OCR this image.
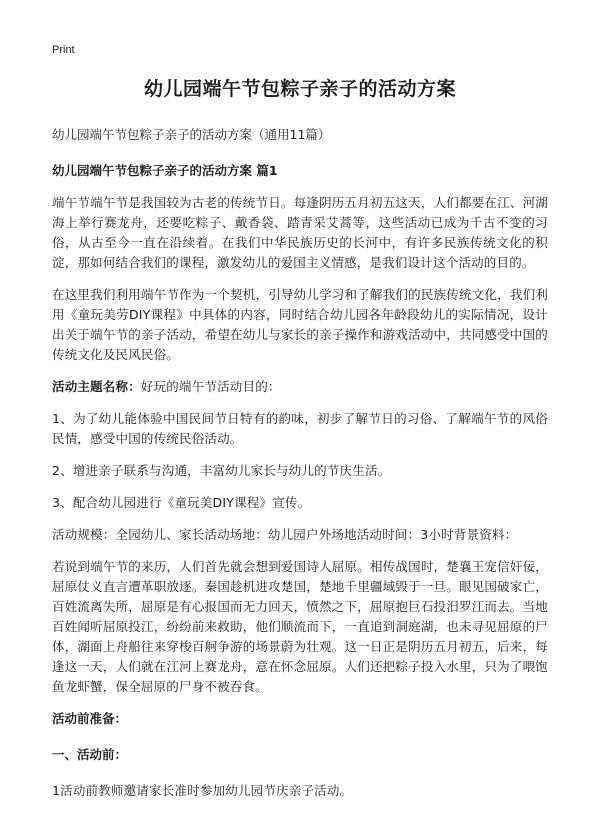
Print
幼儿园端午节包粽子亲子的活动方案

幼儿园端午节包粽子亲子的活动方案（通用11篇）

幼儿园端午节包粽子亲子的活动方案 篇1

端午节端午节是我国较为古老的传统节日。每逢阴历五月初五这天，人们都要在江、河湖海上举行赛龙舟，还要吃粽子、戴香袋、踏青采艾蒿等，这些活动已成为千古不变的习俗，从古至今一直在沿续着。在我们中华民族历史的长河中，有许多民族传统文化的积淀，那如何结合我们的课程，激发幼儿的爱国主义情感，是我们设计这个活动的目的。

在这里我们利用端午节作为一个契机，引导幼儿学习和了解我们的民族传统文化，我们利用《童玩美劳DIY课程》中具体的内容，同时结合幼儿园各年龄段幼儿的实际情况，设计出关于端午节的亲子活动，希望在幼儿与家长的亲子操作和游戏活动中，共同感受中国的传统文化及民风民俗。

活动主题名称：好玩的端午节活动目的：

1、为了幼儿能体验中国民间节日特有的韵味，初步了解节日的习俗、了解端午节的风俗民情，感受中国的传统民俗活动。

2、增进亲子联系与沟通，丰富幼儿家长与幼儿的节庆生活。

3、配合幼儿园进行《童玩美DIY课程》宣传。

活动规模：全园幼儿、家长活动场地：幼儿园户外场地活动时间：3小时背景资料：

若说到端午节的来历，人们首先就会想到爱国诗人屈原。相传战国时，楚襄王宠信奸佞，屈原仗义直言遭革职放逐。秦国趁机进攻楚国，楚地千里疆域毁于一旦。眼见国破家亡，百姓流离失所，屈原是有心报国而无力回天，愤然之下，屈原抱巨石投汨罗江而去。当地百姓闻听屈原投江，纷纷前来救助，他们顺流而下，一直追到洞庭湖，也未寻见屈原的尸体，湖面上舟船往来穿梭百舸争游的场景蔚为壮观。这一日正是阴历五月初五，后来，每逢这一天，人们就在江河上赛龙舟，意在怀念屈原。人们还把粽子投入水里，只为了喂饱鱼龙虾蟹，保全屈原的尸身不被吞食。

活动前准备：

一、活动前：

1活动前教师邀请家长准时参加幼儿园节庆亲子活动。
